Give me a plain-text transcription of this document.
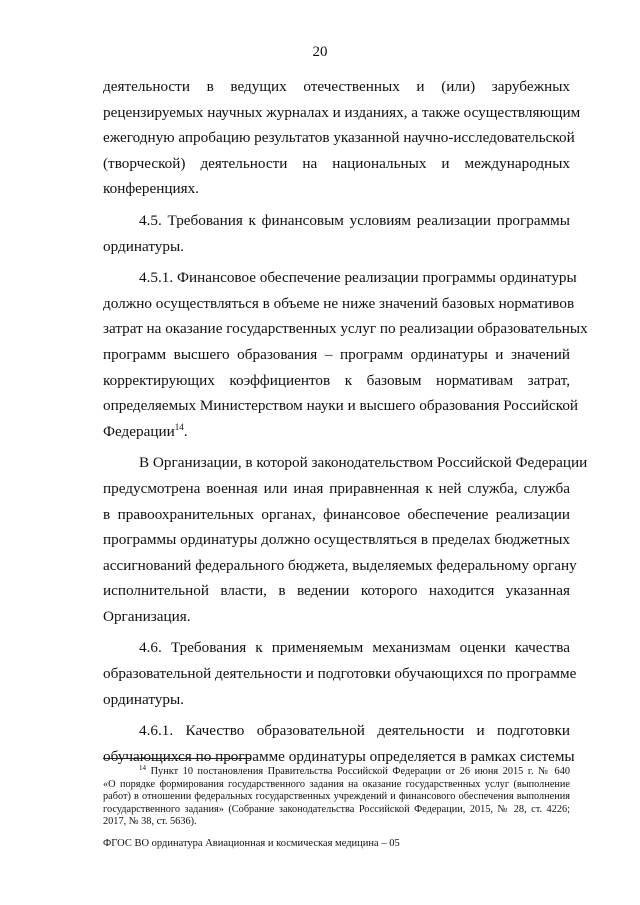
20
деятельности в ведущих отечественных и (или) зарубежных
рецензируемых научных журналах и изданиях, а также осуществляющим
ежегодную апробацию результатов указанной научно-исследовательской
(творческой) деятельности на национальных и международных
конференциях.
4.5. Требования к финансовым условиям реализации программы
ординатуры.
4.5.1. Финансовое обеспечение реализации программы ординатуры
должно осуществляться в объеме не ниже значений базовых нормативов
затрат на оказание государственных услуг по реализации образовательных
программ высшего образования – программ ординатуры и значений
корректирующих коэффициентов к базовым нормативам затрат,
определяемых Министерством науки и высшего образования Российской
Федерации$^{14}$.
В Организации, в которой законодательством Российской Федерации
предусмотрена военная или иная приравненная к ней служба, служба
в правоохранительных органах, финансовое обеспечение реализации
программы ординатуры должно осуществляться в пределах бюджетных
ассигнований федерального бюджета, выделяемых федеральному органу
исполнительной власти, в ведении которого находится указанная
Организация.
4.6. Требования к применяемым механизмам оценки качества
образовательной деятельности и подготовки обучающихся по программе
ординатуры.
4.6.1. Качество образовательной деятельности и подготовки
обучающихся по программе ординатуры определяется в рамках системы
$^{14}$ Пункт 10 постановления Правительства Российской Федерации от 26 июня 2015 г. № 640
«О порядке формирования государственного задания на оказание государственных услуг (выполнение
работ) в отношении федеральных государственных учреждений и финансового обеспечения выполнения
государственного задания» (Собрание законодательства Российской Федерации, 2015, № 28, ст. 4226;
2017, № 38, ст. 5636).
ФГОС ВО ординатура Авиационная и космическая медицина – 05
